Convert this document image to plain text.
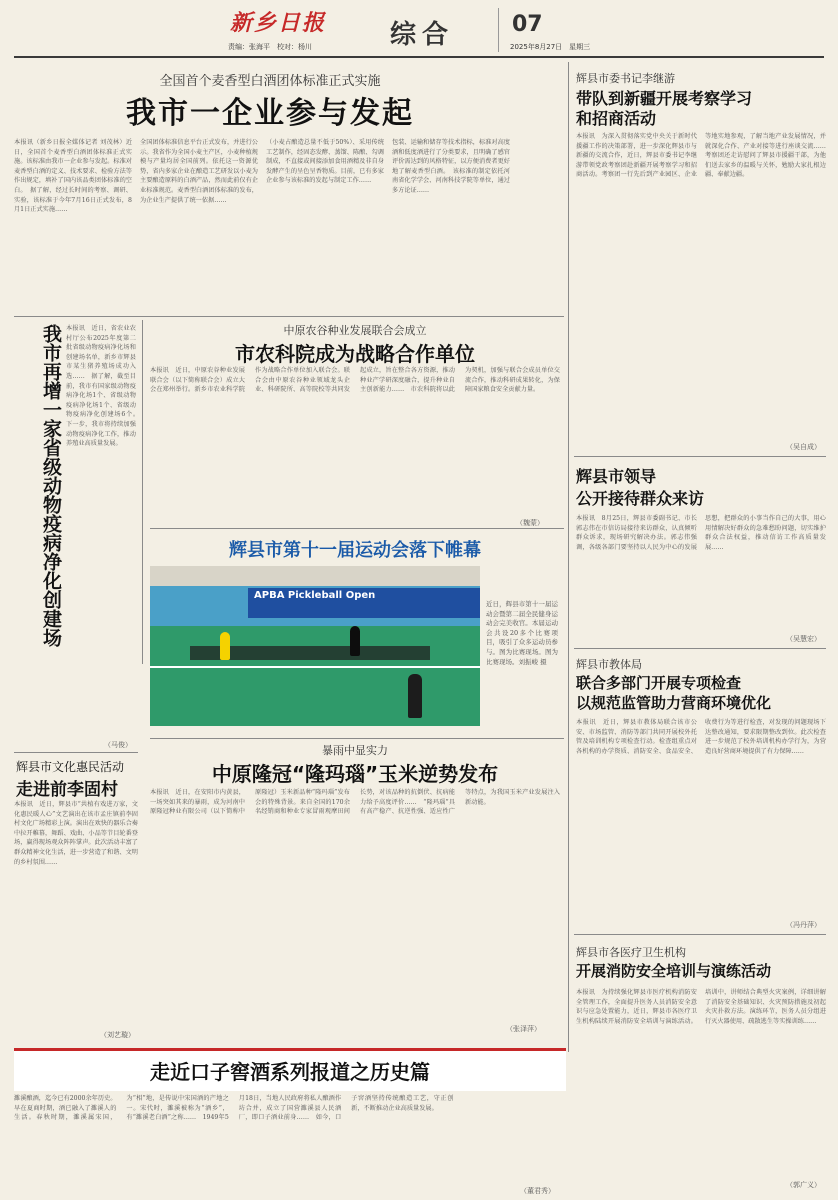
新乡日报
责编：张海平　校对：杨川	综合	07
2025年8月27日　星期三
全国首个麦香型白酒团体标准正式实施
我市一企业参与发起
本报讯（新乡日报全媒体记者 刘茂林）近日，全国首个麦香型白酒团体标准正式实施。该标准由我市一企业参与发起。标准对麦香型白酒的定义、技术要求、检验方法等作出规定，填补了国内该品类团体标准的空白。　据了解，经过长时间的考察、调研、实验，该标准于今年7月16日正式发布，8月1日正式实施……
全国团体标准信息平台正式发布，并进行公示。我省作为全国小麦主产区，小麦种植规模与产量均居全国前列。依托这一资源优势，省内多家企业在酿造工艺研发以小麦为主要酿造原料的白酒产品，然而此前仅有企业标准规范。麦香型白酒团体标准的发布，为企业生产提供了统一依据……
（小麦占酿造总量不低于50%）、采用传统工艺制作，经固态发酵、蒸馏、陈酿、勾调制成，不直接或间接添加食用酒精及非自身发酵产生的呈色呈香物质。目前，已有多家企业参与该标准的发起与制定工作……
包装、运输和储存等技术指标，标准对高度酒和低度酒进行了分类要求，且明确了感官评价需达到的风格特征，以方便消费者更好地了解麦香型白酒。　该标准的制定依托河南省化学学会、河南科技学院等单位，通过多方论证……
我市再增一家省级动物疫病净化创建场 本报讯　近日，省农业农村厅公布2025年度第二批省级动物疫病净化场和创建场名单，新乡市辉县市某生猪养殖场成功入选……　据了解，截至目前，我市有国家级动物疫病净化场1个、省级动物疫病净化场1个、省级动物疫病净化创建场6个。　下一步，我市将持续加强动物疫病净化工作，推动养殖业高质量发展。
（马俊）
辉县市文化惠民活动
走进前李固村
本报讯　近日，辉县市“共植有戏进万家，文化惠民暖人心”文艺演出在该市孟庄镇前李固村文化广场精彩上演。演出在欢快的器乐合奏中拉开帷幕，舞蹈、戏曲、小品等节目轮番登场，赢得现场观众阵阵掌声。此次活动丰富了群众精神文化生活，进一步营造了和谐、文明的乡村氛围……
（刘艺璇）
中原农谷种业发展联合会成立
市农科院成为战略合作单位
本报讯　近日，中原农谷种业发展联合会（以下简称联合会）成立大会在郑州举行。新乡市农业科学院作为战略合作单位加入联合会。联合会由中原农谷种业领域龙头企业、科研院所、高等院校等共同发起成立，旨在整合各方资源，推动种业产学研深度融合，提升种业自主创新能力……　市农科院将以此为契机，加强与联合会成员单位交流合作，推动科研成果转化，为保障国家粮食安全贡献力量。
（魏蒙）
辉县市第十一届运动会落下帷幕
APBA Pickleball Open
近日，辉县市第十一届运动会暨第二届全民健身运动会完美收官。本届运动会共设20多个比赛项目，吸引了众多运动员参与。图为比赛现场。图为比赛现场。刘振峻 摄
暴雨中显实力
中原隆冠“隆玛瑙”玉米逆势发布
本报讯　近日，在安阳市内黄县，一场突如其来的暴雨，成为河南中原隆冠种业有限公司（以下简称中原隆冠）玉米新品种“隆玛瑙”发布会的特殊背景。来自全国的170余名经销商和种业专家冒雨观摩田间长势，对该品种的抗倒伏、抗病能力给予高度评价……　“隆玛瑙”具有高产稳产、抗逆性强、适应性广等特点，为我国玉米产业发展注入新动能。
（张泽萍）
辉县市委书记李继游
带队到新疆开展考察学习
和招商活动
本报讯　为深入贯彻落实党中央关于新时代援疆工作的决策部署，进一步深化辉县市与新疆的交流合作，近日，辉县市委书记李继游带领党政考察团赴新疆开展考察学习和招商活动。考察团一行先后到产业园区、企业等地实地参观，了解当地产业发展情况，并就深化合作、产业对接等进行座谈交流……　考察团还走访慰问了辉县市援疆干部，为他们送去家乡的温暖与关怀，勉励大家扎根边疆、奉献边疆。
（吴自成）
辉县市领导
公开接待群众来访
本报讯　8月25日，辉县市委副书记、市长郭志伟在市信访局接待来访群众，认真倾听群众诉求，现场研究解决办法。郭志伟强调，各级各部门要坚持以人民为中心的发展思想，把群众的小事当作自己的大事，用心用情解决好群众的急难愁盼问题，切实维护群众合法权益，推动信访工作高质量发展……
（吴慧宏）
辉县市教体局
联合多部门开展专项检查
以规范监管助力营商环境优化
本报讯　近日，辉县市教体局联合该市公安、市场监管、消防等部门共同开展校外托管及培训机构专项检查行动。检查组重点对各机构的办学资质、消防安全、食品安全、收费行为等进行检查，对发现的问题现场下达整改通知，要求限期整改到位。此次检查进一步规范了校外培训机构办学行为，为营造良好营商环境提供了有力保障……
（冯丹萍）
辉县市各医疗卫生机构
开展消防安全培训与演练活动
本报讯　为持续强化辉县市医疗机构消防安全管理工作，全面提升医务人员消防安全意识与应急处置能力，近日，辉县市各医疗卫生机构陆续开展消防安全培训与演练活动。培训中，讲师结合典型火灾案例，详细讲解了消防安全基础知识、火灾预防措施及初起火灾扑救方法。演练环节，医务人员分组进行灭火器使用、疏散逃生等实操训练……
（郭广义）
走近口子窖酒系列报道之历史篇
濉溪酿酒，迄今已有2000余年历史。早在夏商时期，酒已融入了濉溪人的生活。春秋时期，濉溪属宋国，为“相”地，是传说中宋国酒的产地之一。宋代时，濉溪被称为“酒乡”，有“濉溪老白酒”之称……　1949年5月18日，当地人民政府将私人酿酒作坊合并，成立了国营濉溪县人民酒厂，即口子酒业前身……　如今，口子窖酒坚持传统酿造工艺，守正创新，不断推动企业高质量发展。
（董君秀）
